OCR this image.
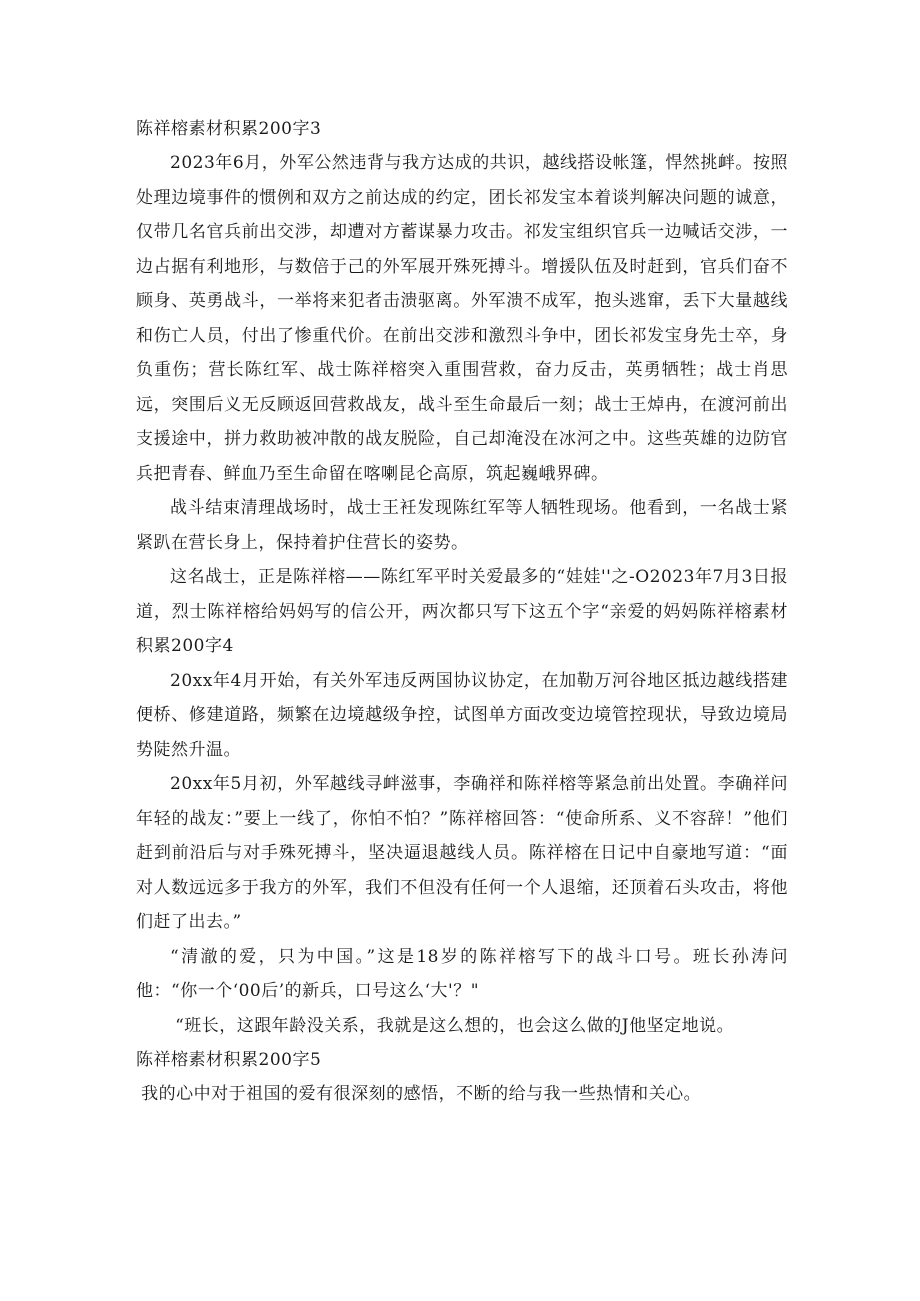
陈祥榕素材积累200字3

2023年6月，外军公然违背与我方达成的共识，越线搭设帐篷，悍然挑衅。按照处理边境事件的惯例和双方之前达成的约定，团长祁发宝本着谈判解决问题的诚意，仅带几名官兵前出交涉，却遭对方蓄谋暴力攻击。祁发宝组织官兵一边喊话交涉，一边占据有利地形，与数倍于己的外军展开殊死搏斗。增援队伍及时赶到，官兵们奋不顾身、英勇战斗，一举将来犯者击溃驱离。外军溃不成军，抱头逃窜，丢下大量越线和伤亡人员，付出了惨重代价。在前出交涉和激烈斗争中，团长祁发宝身先士卒，身负重伤；营长陈红军、战士陈祥榕突入重围营救，奋力反击，英勇牺牲；战士肖思远，突围后义无反顾返回营救战友，战斗至生命最后一刻；战士王焯冉，在渡河前出支援途中，拼力救助被冲散的战友脱险，自己却淹没在冰河之中。这些英雄的边防官兵把青春、鲜血乃至生命留在喀喇昆仑高原，筑起巍峨界碑。

战斗结束清理战场时，战士王衽发现陈红军等人牺牲现场。他看到，一名战士紧紧趴在营长身上，保持着护住营长的姿势。

这名战士，正是陈祥榕——陈红军平时关爱最多的“娃娃''之-O2023年7月3日报道，烈士陈祥榕给妈妈写的信公开，两次都只写下这五个字“亲爱的妈妈陈祥榕素材积累200字4

20xx年4月开始，有关外军违反两国协议协定，在加勒万河谷地区抵边越线搭建便桥、修建道路，频繁在边境越级争控，试图单方面改变边境管控现状，导致边境局势陡然升温。

20xx年5月初，外军越线寻衅滋事，李确祥和陈祥榕等紧急前出处置。李确祥问年轻的战友：”要上一线了，你怕不怕？”陈祥榕回答：“使命所系、义不容辞！”他们赶到前沿后与对手殊死搏斗，坚决逼退越线人员。陈祥榕在日记中自豪地写道：“面对人数远远多于我方的外军，我们不但没有任何一个人退缩，还顶着石头攻击，将他们赶了出去。”

“清澈的爱，只为中国。”这是18岁的陈祥榕写下的战斗口号。班长孙涛问他：“你一个‘00后’的新兵，口号这么‘大'？"

“班长，这跟年龄没关系，我就是这么想的，也会这么做的J他坚定地说。

陈祥榕素材积累200字5

我的心中对于祖国的爱有很深刻的感悟，不断的给与我一些热情和关心。
